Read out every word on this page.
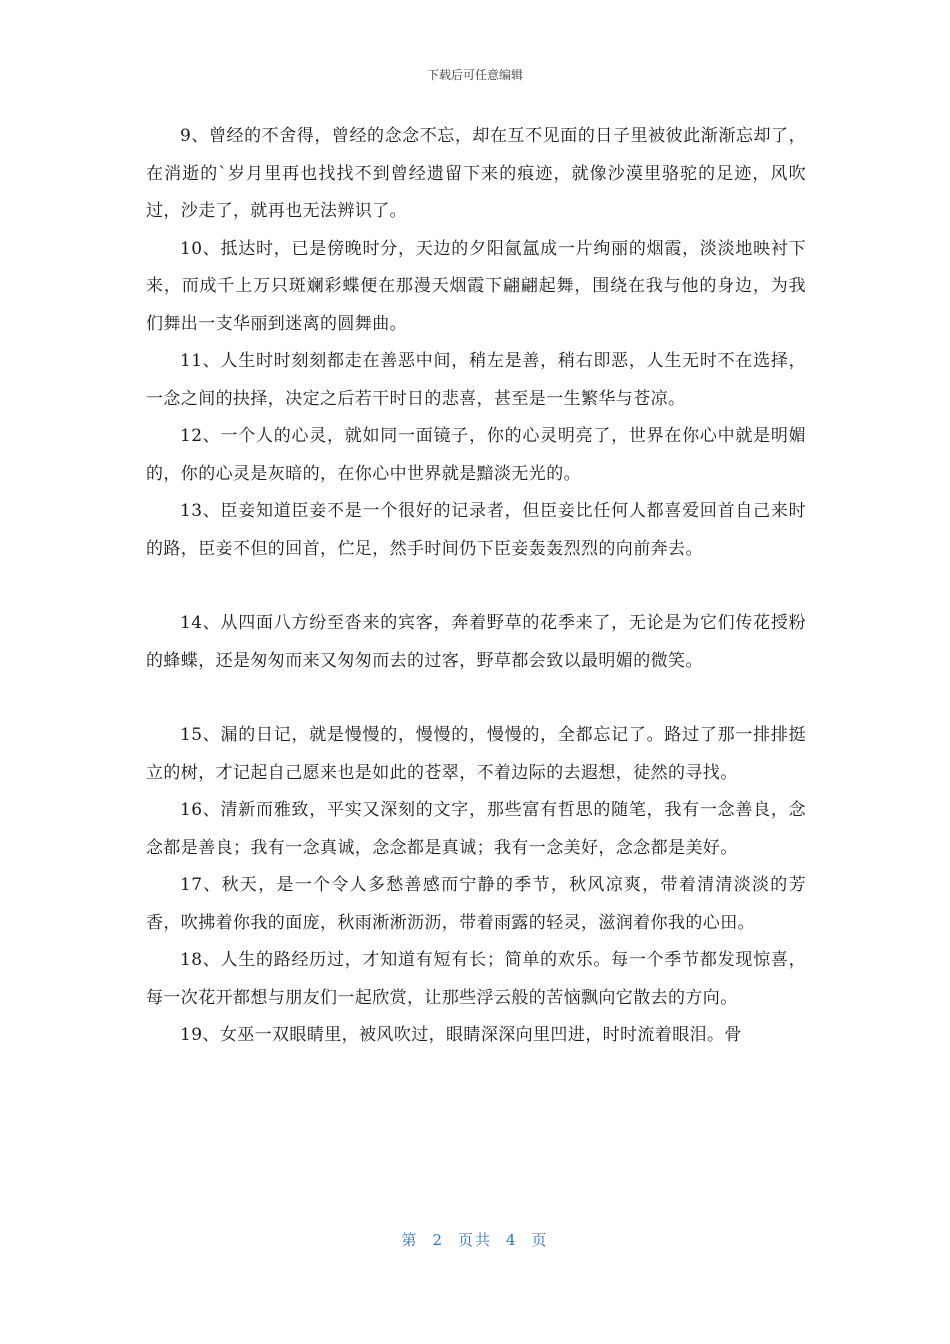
下载后可任意编辑

9、曾经的不舍得，曾经的念念不忘，却在互不见面的日子里被彼此渐渐忘却了，在消逝的`岁月里再也找找不到曾经遗留下来的痕迹，就像沙漠里骆驼的足迹，风吹过，沙走了，就再也无法辨识了。

10、抵达时，已是傍晚时分，天边的夕阳氤氲成一片绚丽的烟霞，淡淡地映衬下来，而成千上万只斑斓彩蝶便在那漫天烟霞下翩翩起舞，围绕在我与他的身边，为我们舞出一支华丽到迷离的圆舞曲。

11、人生时时刻刻都走在善恶中间，稍左是善，稍右即恶，人生无时不在选择，一念之间的抉择，决定之后若干时日的悲喜，甚至是一生繁华与苍凉。

12、一个人的心灵，就如同一面镜子，你的心灵明亮了，世界在你心中就是明媚的，你的心灵是灰暗的，在你心中世界就是黯淡无光的。

13、臣妾知道臣妾不是一个很好的记录者，但臣妾比任何人都喜爱回首自己来时的路，臣妾不但的回首，伫足，然手时间仍下臣妾轰轰烈烈的向前奔去。

14、从四面八方纷至沓来的宾客，奔着野草的花季来了，无论是为它们传花授粉的蜂蝶，还是匆匆而来又匆匆而去的过客，野草都会致以最明媚的微笑。

15、漏的日记，就是慢慢的，慢慢的，慢慢的，全都忘记了。路过了那一排排挺立的树，才记起自己愿来也是如此的苍翠，不着边际的去遐想，徒然的寻找。

16、清新而雅致，平实又深刻的文字，那些富有哲思的随笔，我有一念善良，念念都是善良；我有一念真诚，念念都是真诚；我有一念美好，念念都是美好。

17、秋天，是一个令人多愁善感而宁静的季节，秋风凉爽，带着清清淡淡的芳香，吹拂着你我的面庞，秋雨淅淅沥沥，带着雨露的轻灵，滋润着你我的心田。

18、人生的路经历过，才知道有短有长；简单的欢乐。每一个季节都发现惊喜，每一次花开都想与朋友们一起欣赏，让那些浮云般的苦恼飘向它散去的方向。

19、女巫一双眼睛里，被风吹过，眼睛深深向里凹进，时时流着眼泪。骨

第 2 页共 4 页
